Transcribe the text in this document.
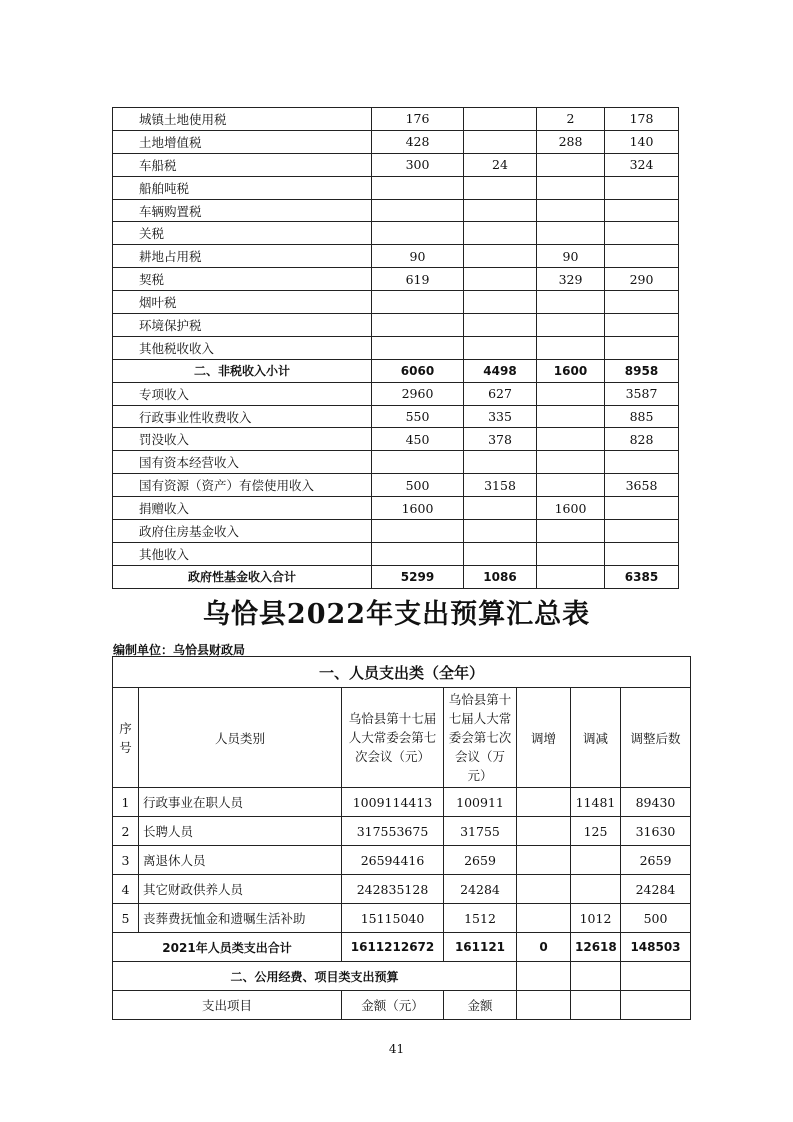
城镇土地使用税	176		2	178
土地增值税	428		288	140
车船税	300	24		324
船舶吨税				
车辆购置税				
关税				
耕地占用税	90		90	
契税	619		329	290
烟叶税				
环境保护税				
其他税收收入				
二、非税收入小计	6060	4498	1600	8958
专项收入	2960	627		3587
行政事业性收费收入	550	335		885
罚没收入	450	378		828
国有资本经营收入				
国有资源（资产）有偿使用收入	500	3158		3658
捐赠收入	1600		1600	
政府住房基金收入				
其他收入				
政府性基金收入合计	5299	1086		6385
乌恰县2022年支出预算汇总表
编制单位：乌恰县财政局
一、人员支出类（全年）						
序号	人员类别	乌恰县第十七届人大常委会第七次会议（元）	乌恰县第十七届人大常委会第七次会议（万元）	调增	调减	调整后数
1	行政事业在职人员	1009114413	100911		11481	89430
2	长聘人员	317553675	31755		125	31630
3	离退休人员	26594416	2659			2659
4	其它财政供养人员	242835128	24284			24284
5	丧葬费抚恤金和遗嘱生活补助	15115040	1512		1012	500
2021年人员类支出合计		1611212672	161121	0	12618	148503
二、公用经费、项目类支出预算						
支出项目		金额（元）	金额			
41
